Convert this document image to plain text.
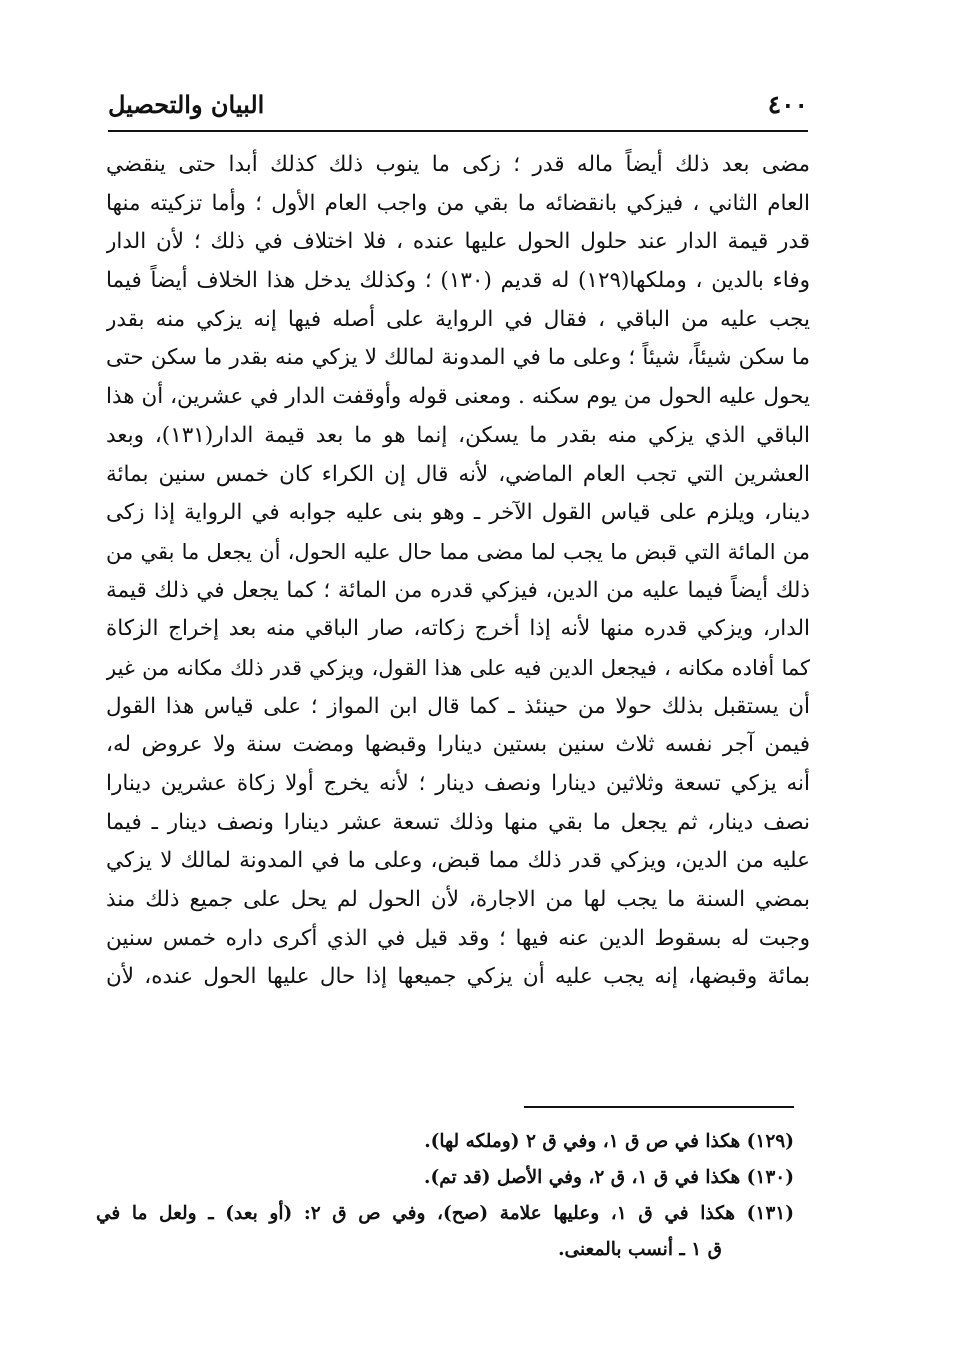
٤٠٠
البيان والتحصيل
مضى بعد ذلك أيضاً ماله قدر ؛ زكى ما ينوب ذلك كذلك أبدا حتى ينقضي
العام الثاني ، فيزكي بانقضائه ما بقي من واجب العام الأول ؛ وأما تزكيته منها
قدر قيمة الدار عند حلول الحول عليها عنده ، فلا اختلاف في ذلك ؛ لأن الدار
وفاء بالدين ، وملكها(١٢٩) له قديم (١٣٠) ؛ وكذلك يدخل هذا الخلاف أيضاً فيما
يجب عليه من الباقي ، فقال في الرواية على أصله فيها إنه يزكي منه بقدر
ما سكن شيئاً، شيئاً ؛ وعلى ما في المدونة لمالك لا يزكي منه بقدر ما سكن حتى
يحول عليه الحول من يوم سكنه . ومعنى قوله وأوقفت الدار في عشرين، أن هذا
الباقي الذي يزكي منه بقدر ما يسكن، إنما هو ما بعد قيمة الدار(١٣١)، وبعد
العشرين التي تجب العام الماضي، لأنه قال إن الكراء كان خمس سنين بمائة
دينار، ويلزم على قياس القول الآخر ـ وهو بنى عليه جوابه في الرواية إذا زكى
من المائة التي قبض ما يجب لما مضى مما حال عليه الحول، أن يجعل ما بقي من
ذلك أيضاً فيما عليه من الدين، فيزكي قدره من المائة ؛ كما يجعل في ذلك قيمة
الدار، ويزكي قدره منها لأنه إذا أخرج زكاته، صار الباقي منه بعد إخراج الزكاة
كما أفاده مكانه ، فيجعل الدين فيه على هذا القول، ويزكي قدر ذلك مكانه من غير
أن يستقبل بذلك حولا من حينئذ ـ كما قال ابن المواز ؛ على قياس هذا القول
فيمن آجر نفسه ثلاث سنين بستين دينارا وقبضها ومضت سنة ولا عروض له،
أنه يزكي تسعة وثلاثين دينارا ونصف دينار ؛ لأنه يخرج أولا زكاة عشرين دينارا
نصف دينار، ثم يجعل ما بقي منها وذلك تسعة عشر دينارا ونصف دينار ـ فيما
عليه من الدين، ويزكي قدر ذلك مما قبض، وعلى ما في المدونة لمالك لا يزكي
بمضي السنة ما يجب لها من الاجارة، لأن الحول لم يحل على جميع ذلك منذ
وجبت له بسقوط الدين عنه فيها ؛ وقد قيل في الذي أكرى داره خمس سنين
بمائة وقبضها، إنه يجب عليه أن يزكي جميعها إذا حال عليها الحول عنده، لأن
(١٢٩) هكذا في ص ق ١، وفي ق ٢ (وملكه لها).
(١٣٠) هكذا في ق ١، ق ٢، وفي الأصل (قد تم).
(١٣١) هكذا في ق ١، وعليها علامة (صح)، وفي ص ق ٢: (أو بعد) ـ ولعل ما في
ق ١ ـ أنسب بالمعنى.
